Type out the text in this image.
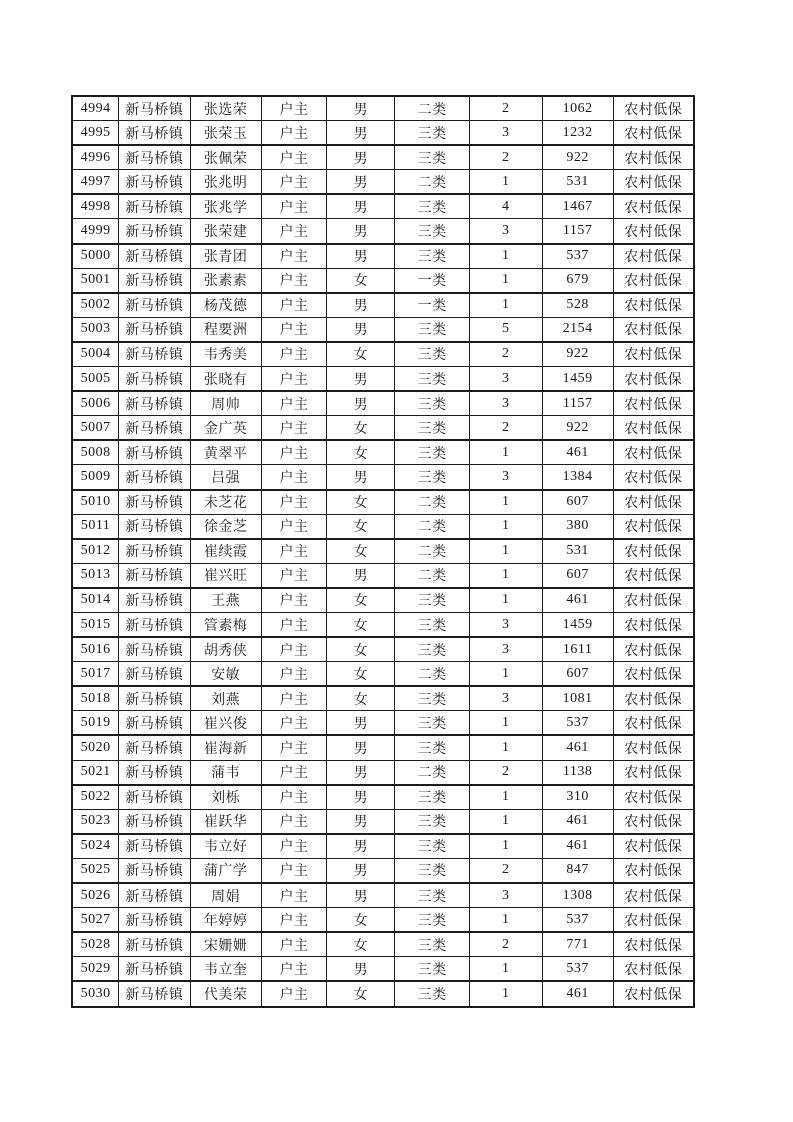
4994	新马桥镇	张选荣	户主	男	二类	2	1062	农村低保
4995	新马桥镇	张荣玉	户主	男	三类	3	1232	农村低保
4996	新马桥镇	张佩荣	户主	男	三类	2	922	农村低保
4997	新马桥镇	张兆明	户主	男	二类	1	531	农村低保
4998	新马桥镇	张兆学	户主	男	三类	4	1467	农村低保
4999	新马桥镇	张荣建	户主	男	三类	3	1157	农村低保
5000	新马桥镇	张青团	户主	男	三类	1	537	农村低保
5001	新马桥镇	张素素	户主	女	一类	1	679	农村低保
5002	新马桥镇	杨茂德	户主	男	一类	1	528	农村低保
5003	新马桥镇	程要洲	户主	男	三类	5	2154	农村低保
5004	新马桥镇	韦秀美	户主	女	三类	2	922	农村低保
5005	新马桥镇	张晓有	户主	男	三类	3	1459	农村低保
5006	新马桥镇	周帅	户主	男	三类	3	1157	农村低保
5007	新马桥镇	金广英	户主	女	三类	2	922	农村低保
5008	新马桥镇	黄翠平	户主	女	三类	1	461	农村低保
5009	新马桥镇	吕强	户主	男	三类	3	1384	农村低保
5010	新马桥镇	未芝花	户主	女	二类	1	607	农村低保
5011	新马桥镇	徐金芝	户主	女	二类	1	380	农村低保
5012	新马桥镇	崔续霞	户主	女	二类	1	531	农村低保
5013	新马桥镇	崔兴旺	户主	男	二类	1	607	农村低保
5014	新马桥镇	王燕	户主	女	三类	1	461	农村低保
5015	新马桥镇	管素梅	户主	女	三类	3	1459	农村低保
5016	新马桥镇	胡秀侠	户主	女	三类	3	1611	农村低保
5017	新马桥镇	安敏	户主	女	二类	1	607	农村低保
5018	新马桥镇	刘燕	户主	女	三类	3	1081	农村低保
5019	新马桥镇	崔兴俊	户主	男	三类	1	537	农村低保
5020	新马桥镇	崔海新	户主	男	三类	1	461	农村低保
5021	新马桥镇	蒲韦	户主	男	二类	2	1138	农村低保
5022	新马桥镇	刘栎	户主	男	三类	1	310	农村低保
5023	新马桥镇	崔跃华	户主	男	三类	1	461	农村低保
5024	新马桥镇	韦立好	户主	男	三类	1	461	农村低保
5025	新马桥镇	蒲广学	户主	男	三类	2	847	农村低保
5026	新马桥镇	周娟	户主	男	三类	3	1308	农村低保
5027	新马桥镇	年婷婷	户主	女	三类	1	537	农村低保
5028	新马桥镇	宋姗姗	户主	女	三类	2	771	农村低保
5029	新马桥镇	韦立奎	户主	男	三类	1	537	农村低保
5030	新马桥镇	代美荣	户主	女	三类	1	461	农村低保
